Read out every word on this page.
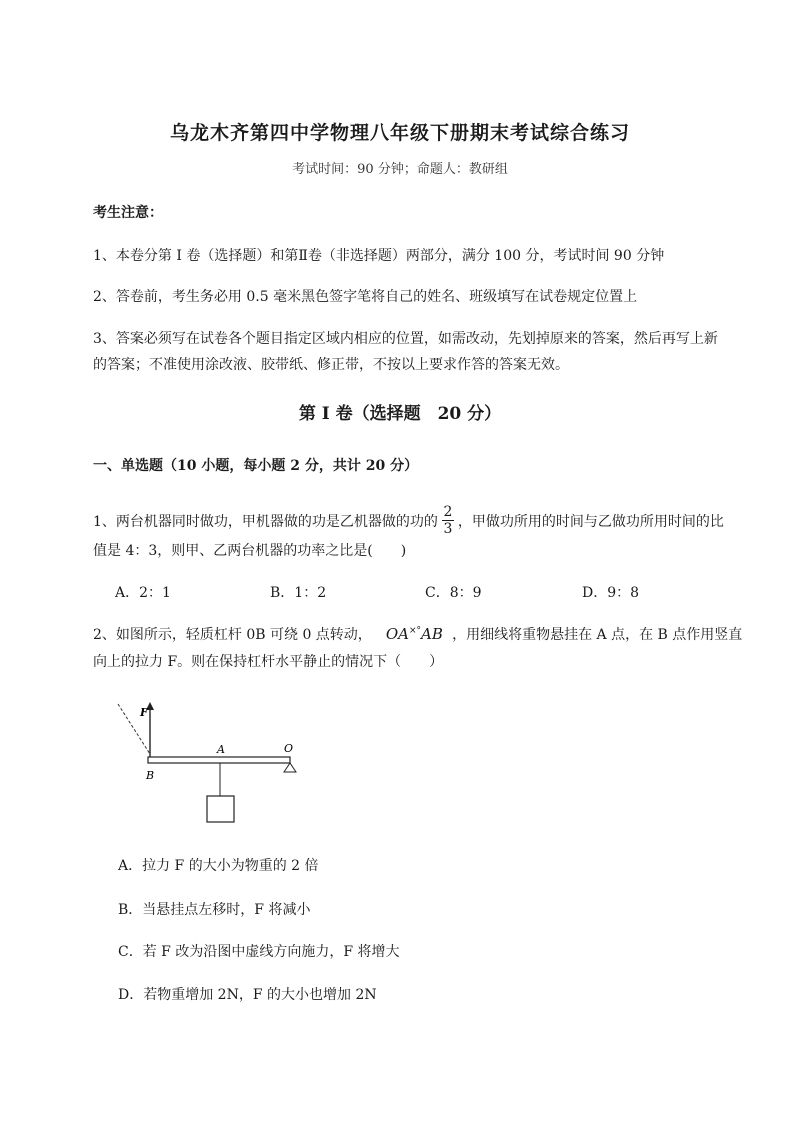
乌龙木齐第四中学物理八年级下册期末考试综合练习
考试时间：90 分钟；命题人：教研组
考生注意：
1、本卷分第 I 卷（选择题）和第Ⅱ卷（非选择题）两部分，满分 100 分，考试时间 90 分钟
2、答卷前，考生务必用 0.5 毫米黑色签字笔将自己的姓名、班级填写在试卷规定位置上
3、答案必须写在试卷各个题目指定区域内相应的位置，如需改动，先划掉原来的答案，然后再写上新
的答案；不准使用涂改液、胶带纸、修正带，不按以上要求作答的答案无效。
第 I 卷（选择题　20 分）
一、单选题（10 小题，每小题 2 分，共计 20 分）
1、两台机器同时做功，甲机器做的功是乙机器做的功的 $\frac{2}{3}$ ，甲做功所用的时间与乙做功所用时间的比
值是 4：3，则甲、乙两台机器的功率之比是(　　)
A．2：1	B．1：2	C．8：9	D．9：8
2、如图所示，轻质杠杆 0B 可绕 0 点转动， OA×°AB ，用细线将重物悬挂在 A 点，在 B 点作用竖直
向上的拉力 F。则在保持杠杆水平静止的情况下（　　）
F
A	O
B
A．拉力 F 的大小为物重的 2 倍
B．当悬挂点左移时，F 将减小
C．若 F 改为沿图中虚线方向施力，F 将增大
D．若物重增加 2N，F 的大小也增加 2N
